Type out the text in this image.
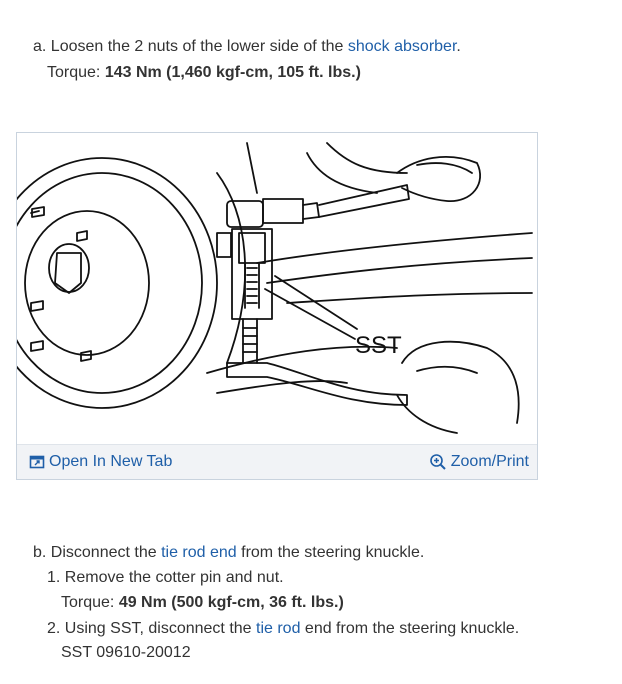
a. Loosen the 2 nuts of the lower side of the shock absorber.
Torque: 143 Nm (1,460 kgf-cm, 105 ft. lbs.)
SST
Open In New Tab	Zoom/Print
b. Disconnect the tie rod end from the steering knuckle.
1. Remove the cotter pin and nut.
Torque: 49 Nm (500 kgf-cm, 36 ft. lbs.)
2. Using SST, disconnect the tie rod end from the steering knuckle.
SST 09610-20012
